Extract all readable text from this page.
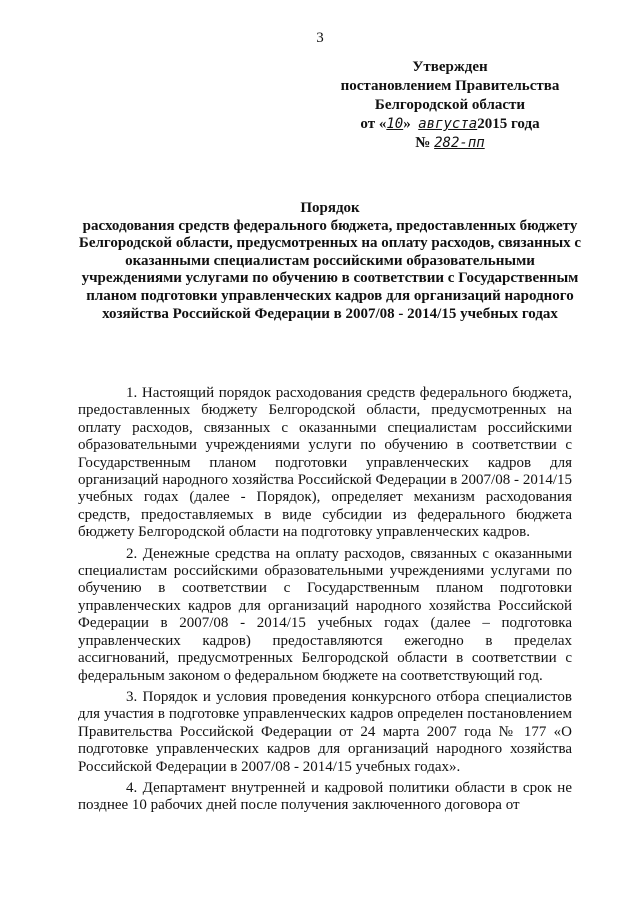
3
Утвержден
постановлением Правительства
Белгородской области
от «10» августа2015 года
№ 282-пп
Порядок
расходования средств федерального бюджета, предоставленных бюджету Белгородской области, предусмотренных на оплату расходов, связанных с оказанными специалистам российскими образовательными учреждениями услугами по обучению в соответствии с Государственным планом подготовки управленческих кадров для организаций народного хозяйства Российской Федерации в 2007/08 - 2014/15 учебных годах

1. Настоящий порядок расходования средств федерального бюджета, предоставленных бюджету Белгородской области, предусмотренных на оплату расходов, связанных с оказанными специалистам российскими образовательными учреждениями услуги по обучению в соответствии с Государственным планом подготовки управленческих кадров для организаций народного хозяйства Российской Федерации в 2007/08 - 2014/15 учебных годах (далее - Порядок), определяет механизм расходования средств, предоставляемых в виде субсидии из федерального бюджета бюджету Белгородской области на подготовку управленческих кадров.

2. Денежные средства на оплату расходов, связанных с оказанными специалистам российскими образовательными учреждениями услугами по обучению в соответствии с Государственным планом подготовки управленческих кадров для организаций народного хозяйства Российской Федерации в 2007/08 - 2014/15 учебных годах (далее – подготовка управленческих кадров) предоставляются ежегодно в пределах ассигнований, предусмотренных Белгородской области в соответствии с федеральным законом о федеральном бюджете на соответствующий год.

3. Порядок и условия проведения конкурсного отбора специалистов для участия в подготовке управленческих кадров определен постановлением Правительства Российской Федерации от 24 марта 2007 года № 177 «О подготовке управленческих кадров для организаций народного хозяйства Российской Федерации в 2007/08 - 2014/15 учебных годах».

4. Департамент внутренней и кадровой политики области в срок не позднее 10 рабочих дней после получения заключенного договора от
